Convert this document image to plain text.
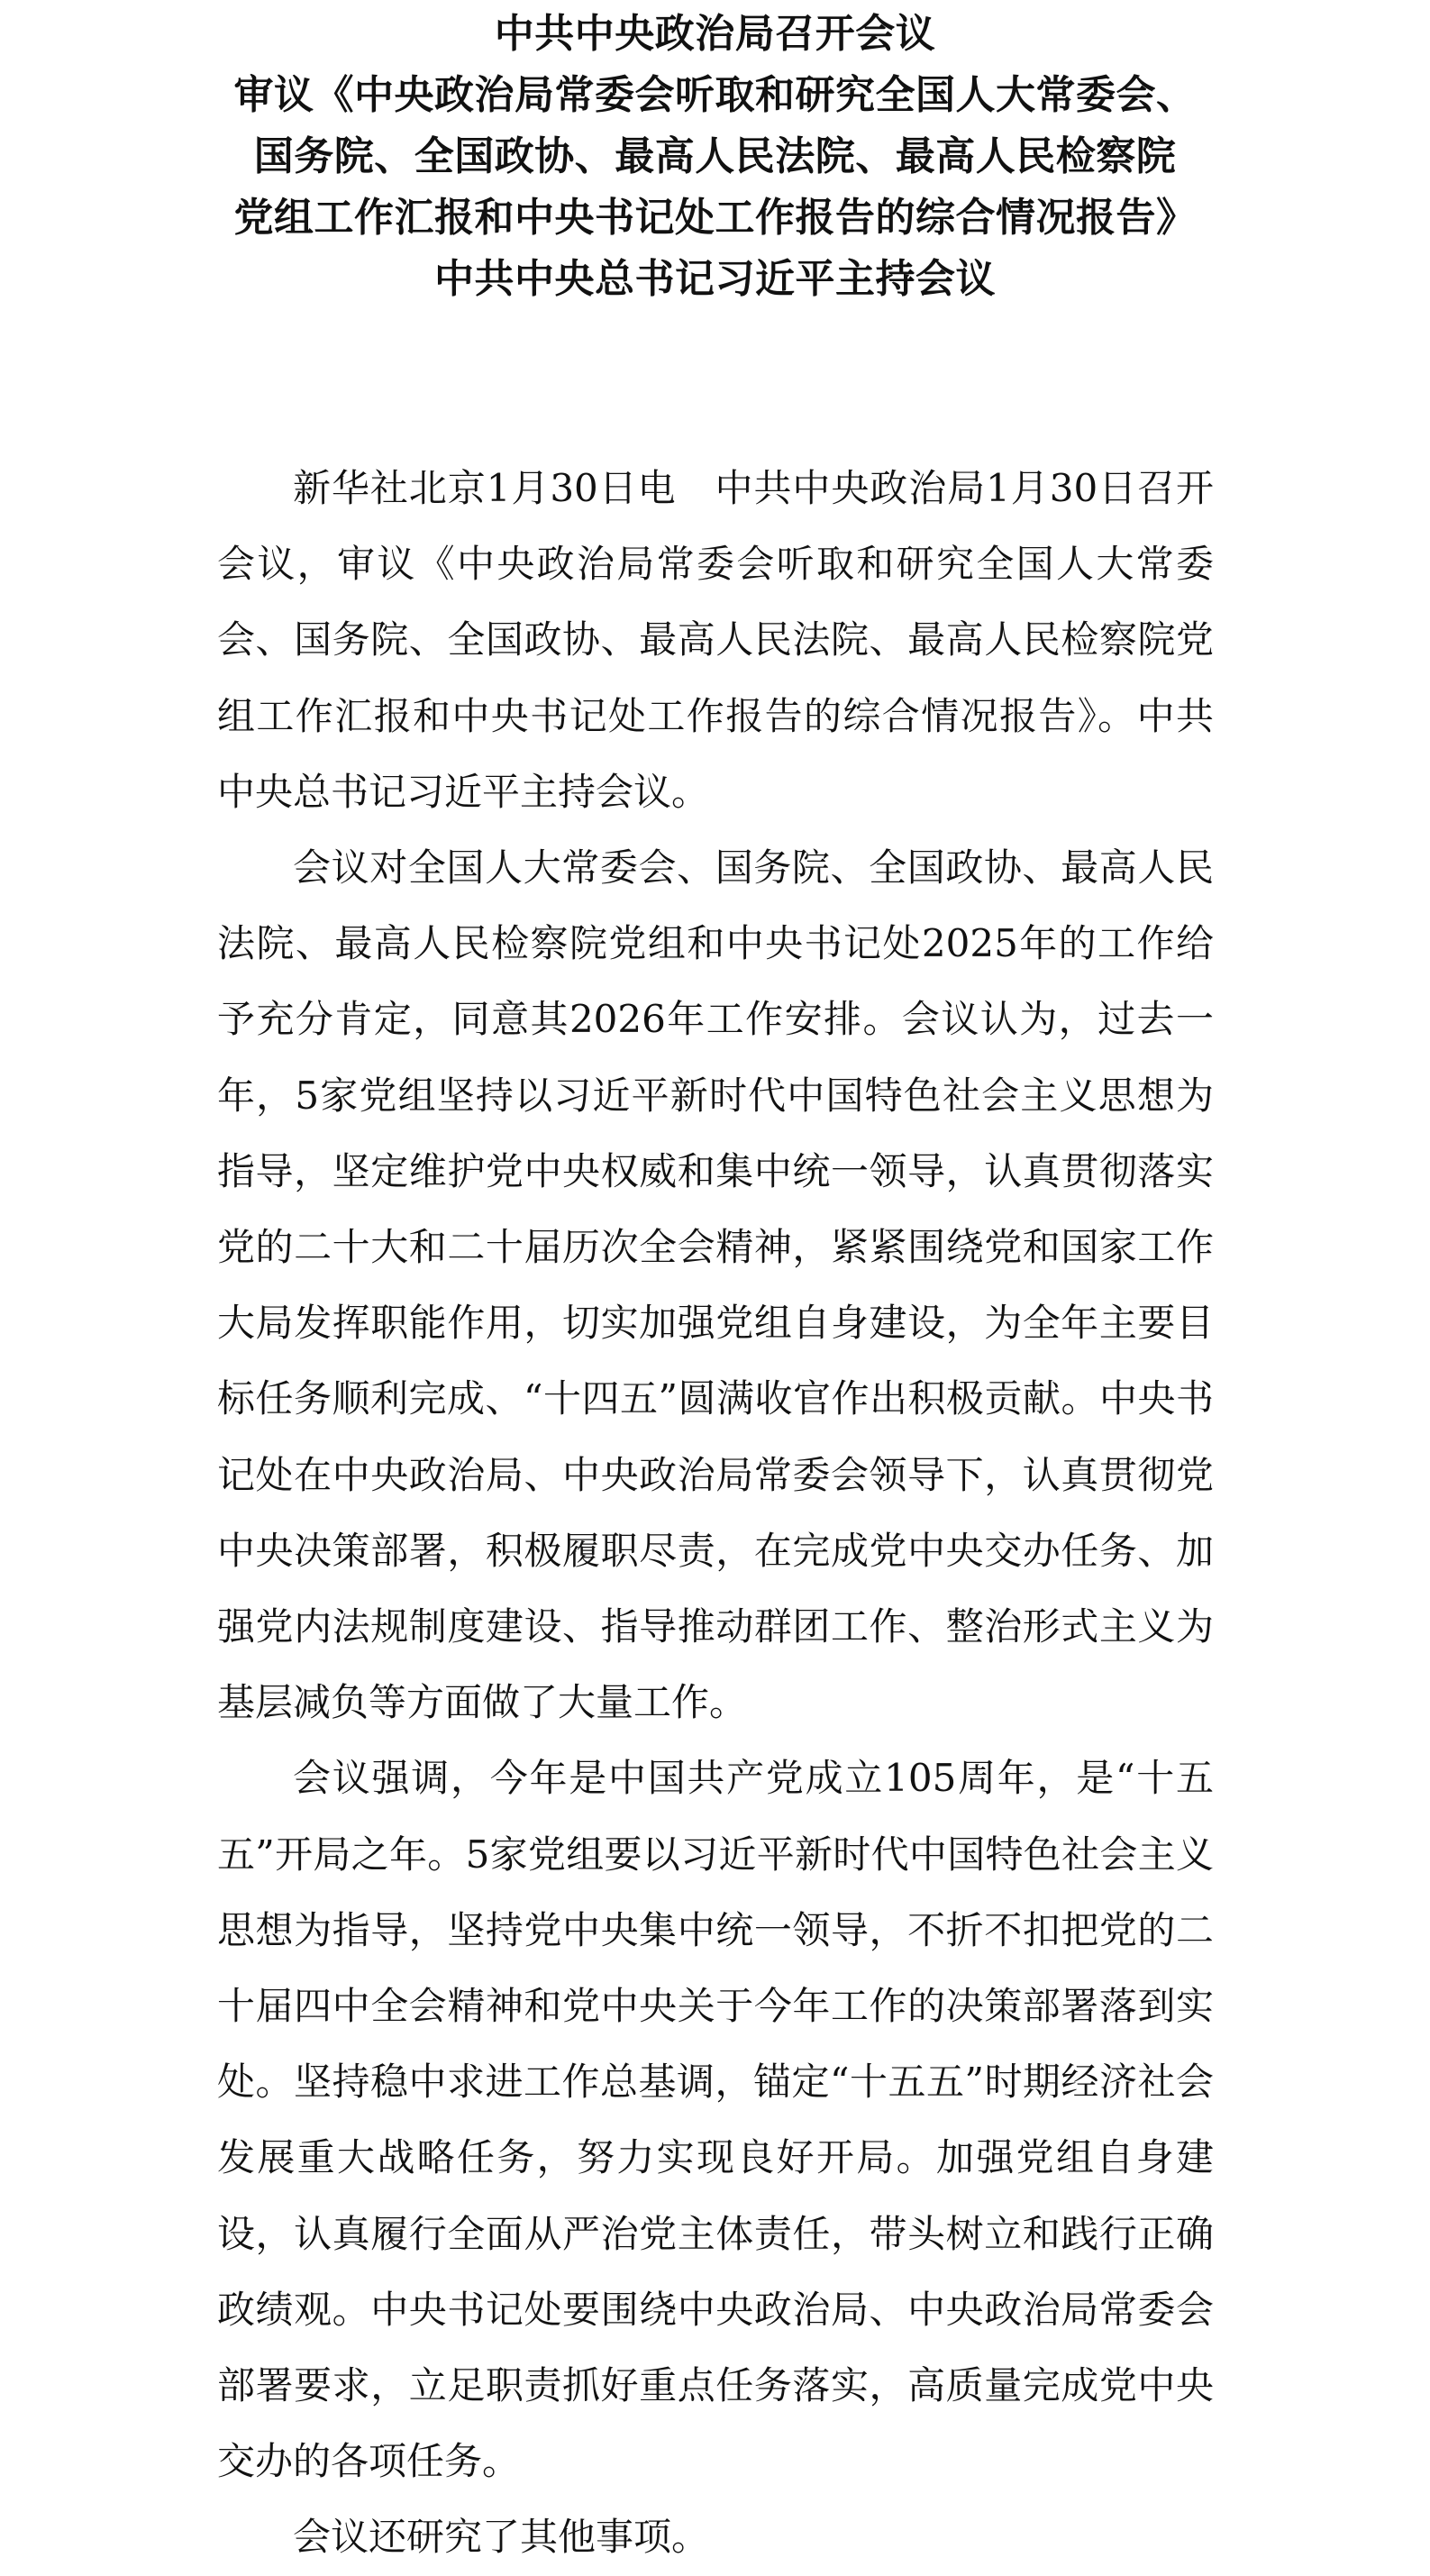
中共中央政治局召开会议
审议《中央政治局常委会听取和研究全国人大常委会、
国务院、全国政协、最高人民法院、最高人民检察院
党组工作汇报和中央书记处工作报告的综合情况报告》
中共中央总书记习近平主持会议

新华社北京1月30日电　中共中央政治局1月30日召开会议，审议《中央政治局常委会听取和研究全国人大常委会、国务院、全国政协、最高人民法院、最高人民检察院党组工作汇报和中央书记处工作报告的综合情况报告》。中共中央总书记习近平主持会议。

会议对全国人大常委会、国务院、全国政协、最高人民法院、最高人民检察院党组和中央书记处2025年的工作给予充分肯定，同意其2026年工作安排。会议认为，过去一年，5家党组坚持以习近平新时代中国特色社会主义思想为指导，坚定维护党中央权威和集中统一领导，认真贯彻落实党的二十大和二十届历次全会精神，紧紧围绕党和国家工作大局发挥职能作用，切实加强党组自身建设，为全年主要目标任务顺利完成、“十四五”圆满收官作出积极贡献。中央书记处在中央政治局、中央政治局常委会领导下，认真贯彻党中央决策部署，积极履职尽责，在完成党中央交办任务、加强党内法规制度建设、指导推动群团工作、整治形式主义为基层减负等方面做了大量工作。

会议强调，今年是中国共产党成立105周年，是“十五五”开局之年。5家党组要以习近平新时代中国特色社会主义思想为指导，坚持党中央集中统一领导，不折不扣把党的二十届四中全会精神和党中央关于今年工作的决策部署落到实处。坚持稳中求进工作总基调，锚定“十五五”时期经济社会发展重大战略任务，努力实现良好开局。加强党组自身建设，认真履行全面从严治党主体责任，带头树立和践行正确政绩观。中央书记处要围绕中央政治局、中央政治局常委会部署要求，立足职责抓好重点任务落实，高质量完成党中央交办的各项任务。

会议还研究了其他事项。
